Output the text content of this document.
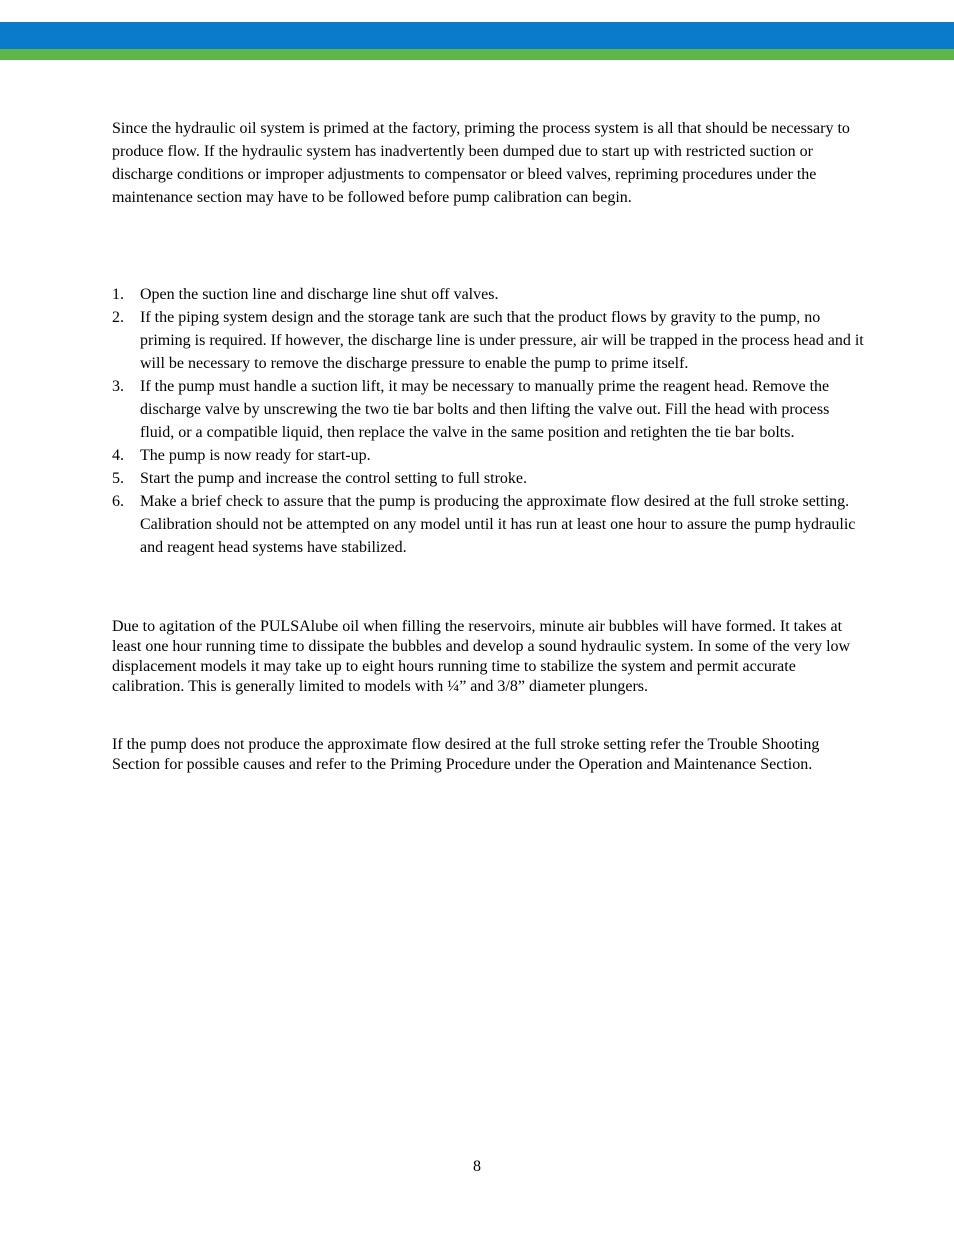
Since the hydraulic oil system is primed at the factory, priming the process system is all that should be necessary to produce flow. If the hydraulic system has inadvertently been dumped due to start up with restricted suction or discharge conditions or improper adjustments to compensator or bleed valves, repriming procedures under the maintenance section may have to be followed before pump calibration can begin.

1. Open the suction line and discharge line shut off valves.
2. If the piping system design and the storage tank are such that the product flows by gravity to the pump, no priming is required. If however, the discharge line is under pressure, air will be trapped in the process head and it will be necessary to remove the discharge pressure to enable the pump to prime itself.
3. If the pump must handle a suction lift, it may be necessary to manually prime the reagent head. Remove the discharge valve by unscrewing the two tie bar bolts and then lifting the valve out. Fill the head with process fluid, or a compatible liquid, then replace the valve in the same position and retighten the tie bar bolts.
4. The pump is now ready for start-up.
5. Start the pump and increase the control setting to full stroke.
6. Make a brief check to assure that the pump is producing the approximate flow desired at the full stroke setting. Calibration should not be attempted on any model until it has run at least one hour to assure the pump hydraulic and reagent head systems have stabilized.

Due to agitation of the PULSAlube oil when filling the reservoirs, minute air bubbles will have formed. It takes at least one hour running time to dissipate the bubbles and develop a sound hydraulic system. In some of the very low displacement models it may take up to eight hours running time to stabilize the system and permit accurate calibration. This is generally limited to models with ¼” and 3/8” diameter plungers.

If the pump does not produce the approximate flow desired at the full stroke setting refer the Trouble Shooting Section for possible causes and refer to the Priming Procedure under the Operation and Maintenance Section.

8
